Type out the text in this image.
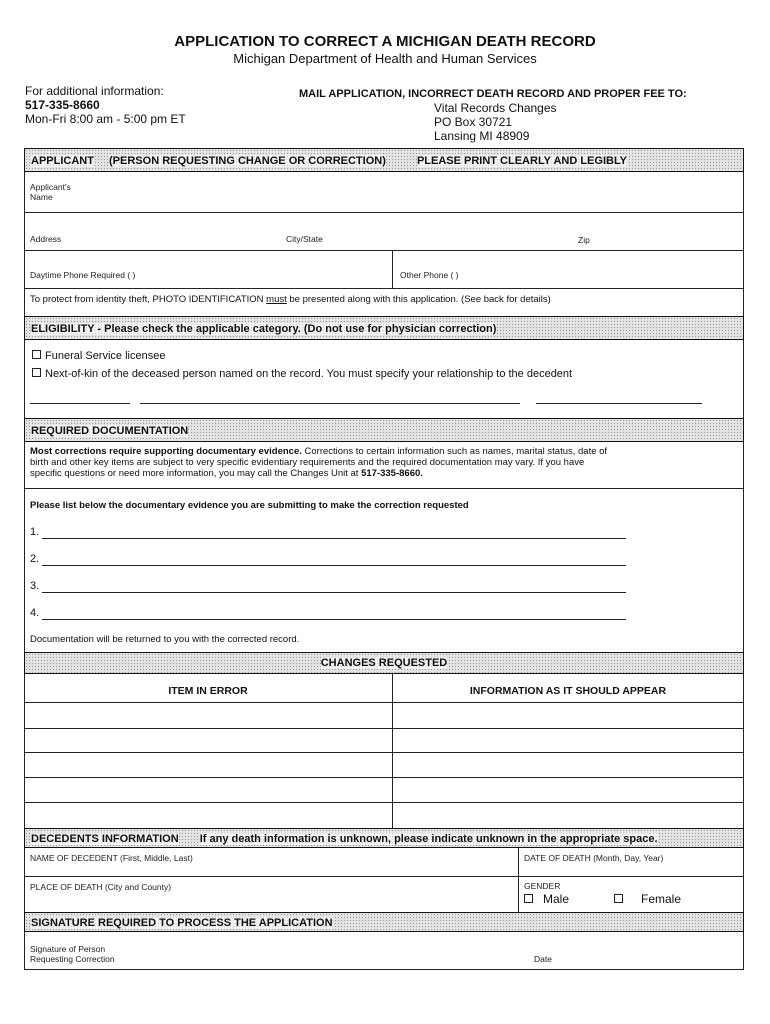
APPLICATION TO CORRECT A MICHIGAN DEATH RECORD
Michigan Department of Health and Human Services
For additional information:
517-335-8660
Mon-Fri 8:00 am - 5:00 pm ET
MAIL APPLICATION, INCORRECT DEATH RECORD AND PROPER FEE TO:
Vital Records Changes
PO Box 30721
Lansing MI 48909
APPLICANT (PERSON REQUESTING CHANGE OR CORRECTION)	PLEASE PRINT CLEARLY AND LEGIBLY
Applicant's
Name
Address	City/State	Zip
Daytime Phone Required ( )	Other Phone ( )
To protect from identity theft, PHOTO IDENTIFICATION must be presented along with this application. (See back for details)
ELIGIBILITY - Please check the applicable category. (Do not use for physician correction)
Funeral Service licensee
Next-of-kin of the deceased person named on the record. You must specify your relationship to the decedent
REQUIRED DOCUMENTATION
Most corrections require supporting documentary evidence. Corrections to certain information such as names, marital status, date of
birth and other key items are subject to very specific evidentiary requirements and the required documentation may vary. If you have
specific questions or need more information, you may call the Changes Unit at 517-335-8660.
Please list below the documentary evidence you are submitting to make the correction requested
1.
2.
3.
4.
Documentation will be returned to you with the corrected record.
CHANGES REQUESTED
ITEM IN ERROR	INFORMATION AS IT SHOULD APPEAR
DECEDENTS INFORMATION If any death information is unknown, please indicate unknown in the appropriate space.
NAME OF DECEDENT (First, Middle, Last)	DATE OF DEATH (Month, Day, Year)
PLACE OF DEATH (City and County)	GENDER
Male	Female
SIGNATURE REQUIRED TO PROCESS THE APPLICATION
Signature of Person
Requesting Correction	Date
